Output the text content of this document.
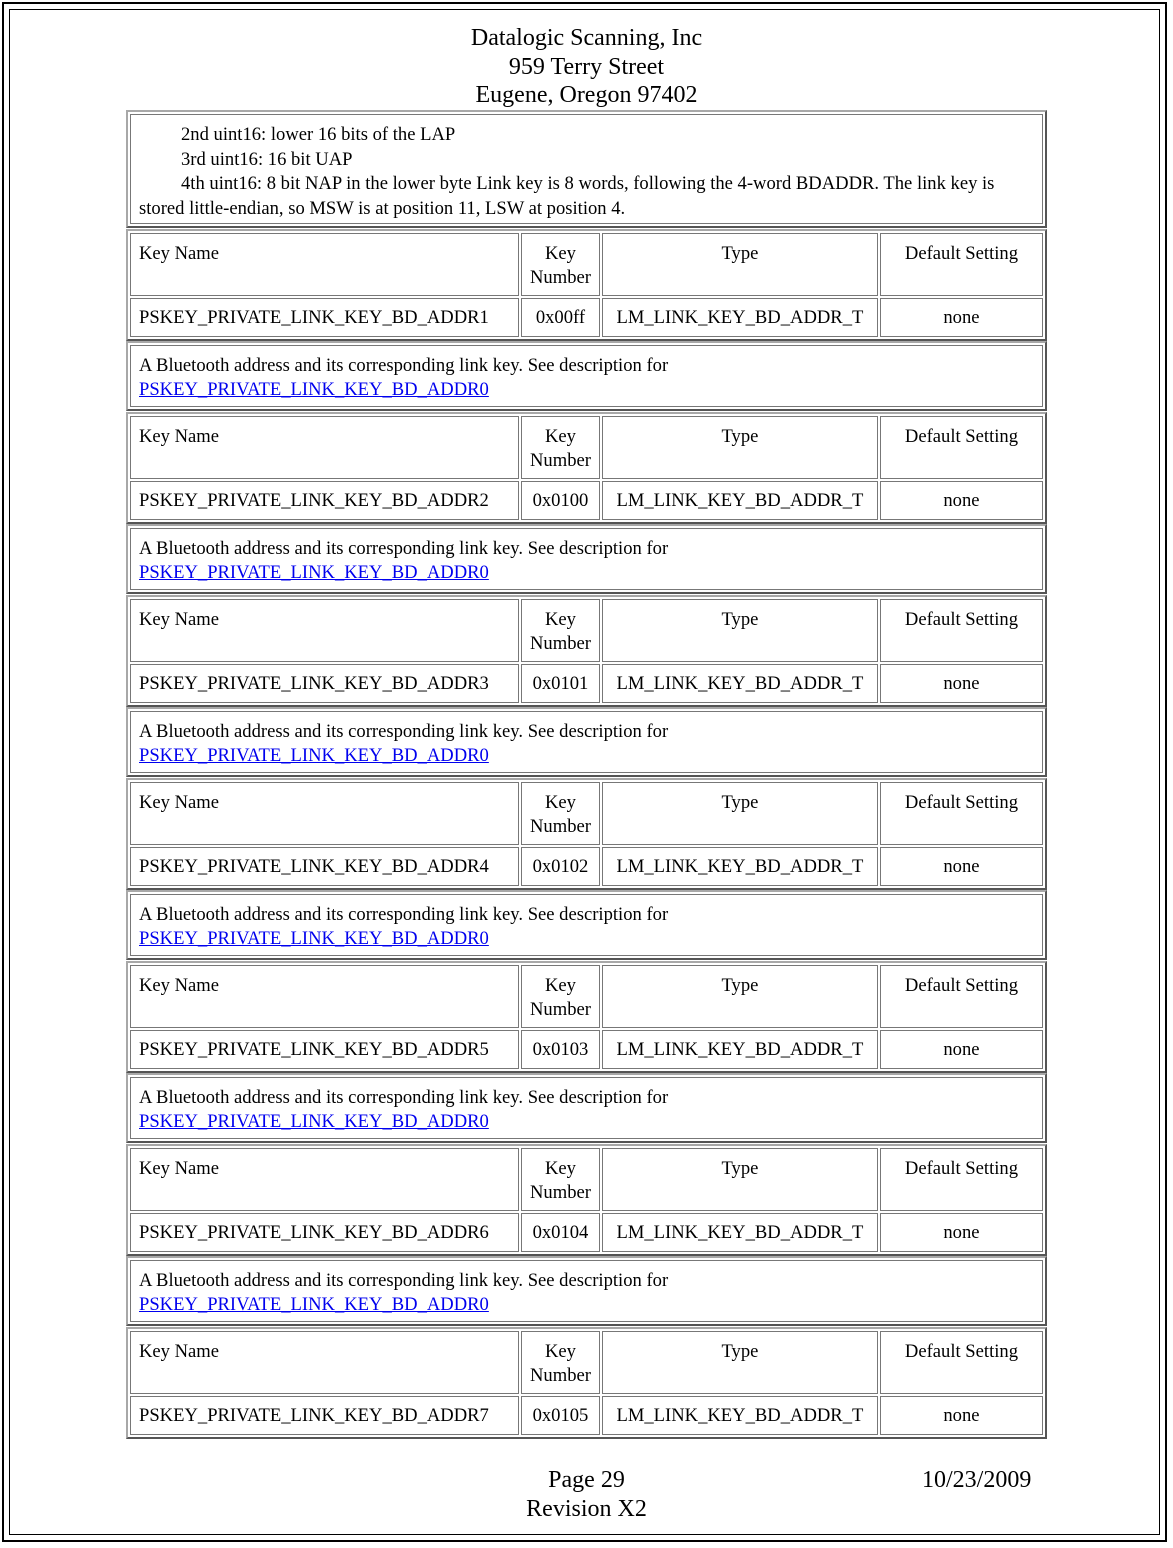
Datalogic Scanning, Inc
959 Terry Street
Eugene, Oregon 97402
2nd uint16: lower 16 bits of the LAP
3rd uint16: 16 bit UAP
4th uint16: 8 bit NAP in the lower byte Link key is 8 words, following the 4-word BDADDR. The link key is stored little-endian, so MSW is at position 11, LSW at position 4.
Key Name	Key Number	Type	Default Setting
PSKEY_PRIVATE_LINK_KEY_BD_ADDR1	0x00ff	LM_LINK_KEY_BD_ADDR_T	none
A Bluetooth address and its corresponding link key. See description for
PSKEY_PRIVATE_LINK_KEY_BD_ADDR0
Key Name	Key Number	Type	Default Setting
PSKEY_PRIVATE_LINK_KEY_BD_ADDR2	0x0100	LM_LINK_KEY_BD_ADDR_T	none
A Bluetooth address and its corresponding link key. See description for
PSKEY_PRIVATE_LINK_KEY_BD_ADDR0
Key Name	Key Number	Type	Default Setting
PSKEY_PRIVATE_LINK_KEY_BD_ADDR3	0x0101	LM_LINK_KEY_BD_ADDR_T	none
A Bluetooth address and its corresponding link key. See description for
PSKEY_PRIVATE_LINK_KEY_BD_ADDR0
Key Name	Key Number	Type	Default Setting
PSKEY_PRIVATE_LINK_KEY_BD_ADDR4	0x0102	LM_LINK_KEY_BD_ADDR_T	none
A Bluetooth address and its corresponding link key. See description for
PSKEY_PRIVATE_LINK_KEY_BD_ADDR0
Key Name	Key Number	Type	Default Setting
PSKEY_PRIVATE_LINK_KEY_BD_ADDR5	0x0103	LM_LINK_KEY_BD_ADDR_T	none
A Bluetooth address and its corresponding link key. See description for
PSKEY_PRIVATE_LINK_KEY_BD_ADDR0
Key Name	Key Number	Type	Default Setting
PSKEY_PRIVATE_LINK_KEY_BD_ADDR6	0x0104	LM_LINK_KEY_BD_ADDR_T	none
A Bluetooth address and its corresponding link key. See description for
PSKEY_PRIVATE_LINK_KEY_BD_ADDR0
Key Name	Key Number	Type	Default Setting
PSKEY_PRIVATE_LINK_KEY_BD_ADDR7	0x0105	LM_LINK_KEY_BD_ADDR_T	none
Page 29
Revision X2
10/23/2009
